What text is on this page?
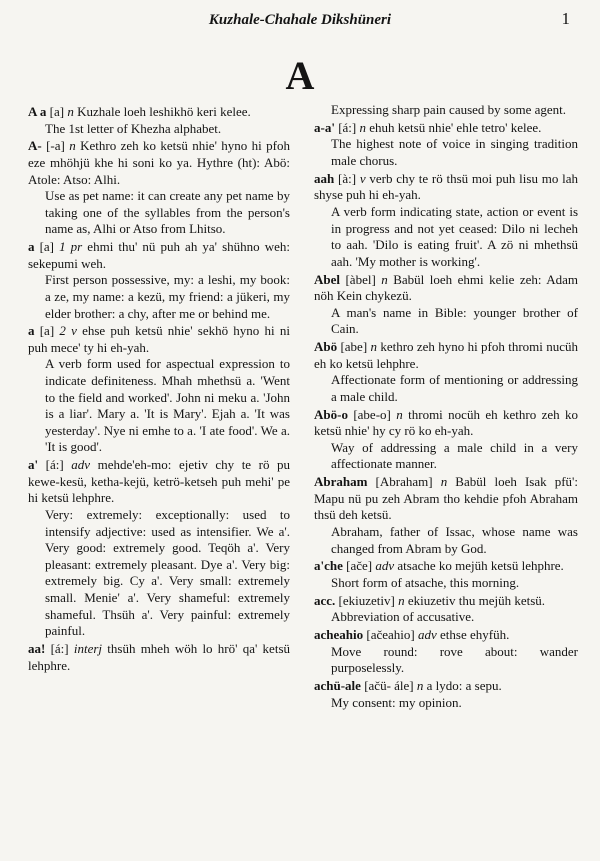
Kuzhale-Chahale Dikshüneri	1
A

A a [a] n Kuzhale loeh leshikhö keri kelee.

The 1st letter of Khezha alphabet.

A- [-a] n Kethro zeh ko ketsü nhie' hyno hi pfoh eze mhöhjü khe hi soni ko ya. Hythre (ht): Abö: Atole: Atso: Alhi.

Use as pet name: it can create any pet name by taking one of the syllables from the person's name as, Alhi or Atso from Lhitso.

a [a] 1 pr ehmi thu' nü puh ah ya' shühno weh: sekepumi weh.

First person possessive, my: a leshi, my book: a ze, my name: a kezü, my friend: a jükeri, my elder brother: a chy, after me or behind me.

a [a] 2 v ehse puh ketsü nhie' sekhö hyno hi ni puh mece' ty hi eh-yah.

A verb form used for aspectual expression to indicate definiteness. Mhah mhethsü a. 'Went to the field and worked'. John ni meku a. 'John is a liar'. Mary a. 'It is Mary'. Ejah a. 'It was yesterday'. Nye ni emhe to a. 'I ate food'. We a. 'It is good'.

a' [á:] adv mehde'eh-mo: ejetiv chy te rö pu kewe-kesü, ketha-kejü, ketrö-ketseh puh mehi' pe hi ketsü lehphre.

Very: extremely: exceptionally: used to intensify adjective: used as intensifier. We a'. Very good: extremely good. Teqöh a'. Very pleasant: extremely pleasant. Dye a'. Very big: extremely big. Cy a'. Very small: extremely small. Menie' a'. Very shameful: extremely shameful. Thsüh a'. Very painful: extremely painful.

aa! [á:] interj thsüh mheh wöh lo hrö' qa' ketsü lehphre.

Expressing sharp pain caused by some agent.

a-a' [á:] n ehuh ketsü nhie' ehle tetro' kelee.

The highest note of voice in singing tradition male chorus.

aah [à:] v verb chy te rö thsü moi puh lisu mo lah shyse puh hi eh-yah.

A verb form indicating state, action or event is in progress and not yet ceased: Dilo ni lecheh to aah. 'Dilo is eating fruit'. A zö ni mhethsü aah. 'My mother is working'.

Abel [àbel] n Babül loeh ehmi kelie zeh: Adam nöh Kein chykezü.

A man's name in Bible: younger brother of Cain.

Abö [abe] n kethro zeh hyno hi pfoh thromi nucüh eh ko ketsü lehphre.

Affectionate form of mentioning or addressing a male child.

Abö-o [abe-o] n thromi nocüh eh kethro zeh ko ketsü nhie' hy cy rö ko eh-yah.

Way of addressing a male child in a very affectionate manner.

Abraham [Abraham] n Babül loeh Isak pfü': Mapu nü pu zeh Abram tho kehdie pfoh Abraham thsü deh ketsü.

Abraham, father of Issac, whose name was changed from Abram by God.

a'che [ače] adv atsache ko mejüh ketsü lehphre.

Short form of atsache, this morning.

acc. [ekiuzetiv] n ekiuzetiv thu mejüh ketsü.

Abbreviation of accusative.

acheahio [ačeahio] adv ethse ehyfüh.

Move round: rove about: wander purposelessly.

achü-ale [ačü- ále] n a lydo: a sepu.

My consent: my opinion.
